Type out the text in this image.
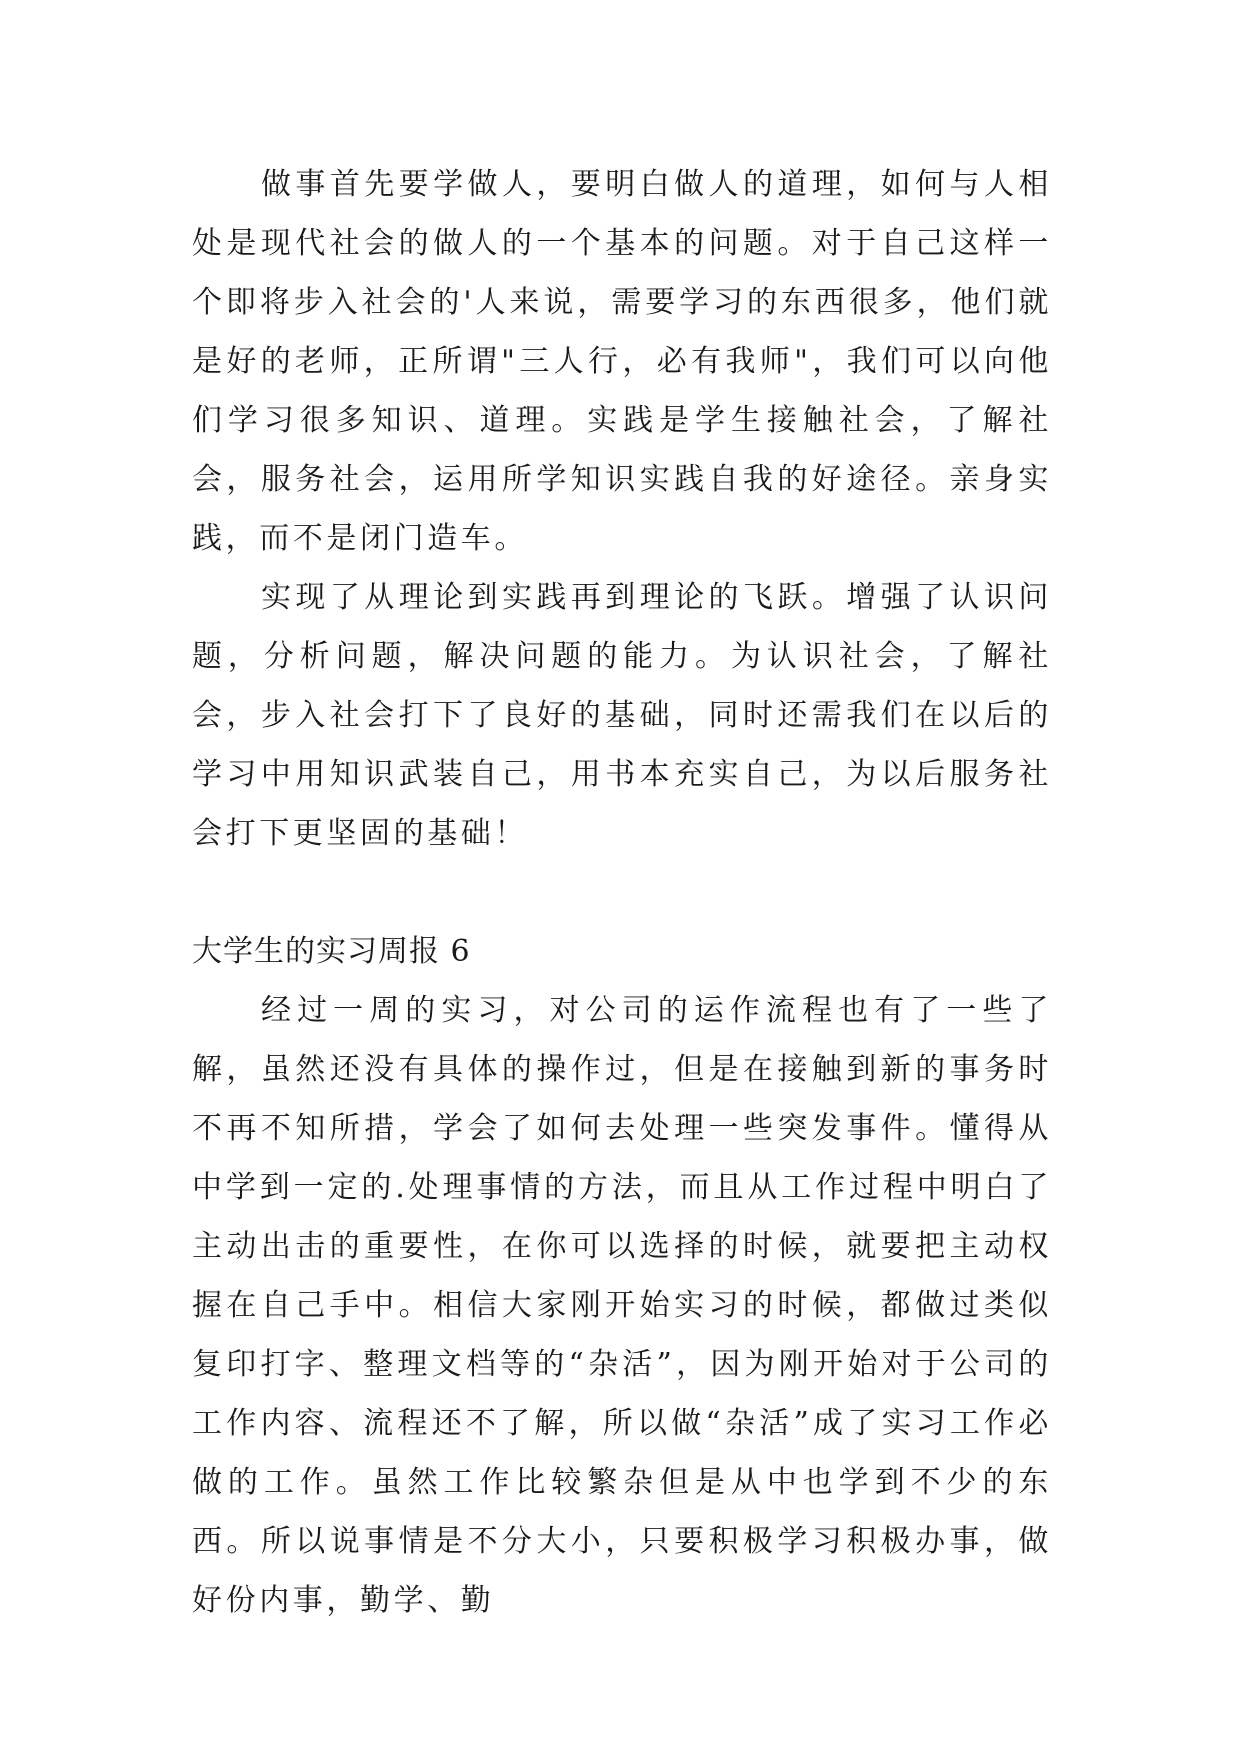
做事首先要学做人，要明白做人的道理，如何与人相处是现代社会的做人的一个基本的问题。对于自己这样一个即将步入社会的'人来说，需要学习的东西很多，他们就是好的老师，正所谓"三人行，必有我师"，我们可以向他们学习很多知识、道理。实践是学生接触社会，了解社会，服务社会，运用所学知识实践自我的好途径。亲身实践，而不是闭门造车。

实现了从理论到实践再到理论的飞跃。增强了认识问题，分析问题，解决问题的能力。为认识社会，了解社会，步入社会打下了良好的基础，同时还需我们在以后的学习中用知识武装自己，用书本充实自己，为以后服务社会打下更坚固的基础！

大学生的实习周报 6

经过一周的实习，对公司的运作流程也有了一些了解，虽然还没有具体的操作过，但是在接触到新的事务时不再不知所措，学会了如何去处理一些突发事件。懂得从中学到一定的.处理事情的方法，而且从工作过程中明白了主动出击的重要性，在你可以选择的时候，就要把主动权握在自己手中。相信大家刚开始实习的时候，都做过类似复印打字、整理文档等的“杂活”，因为刚开始对于公司的工作内容、流程还不了解，所以做“杂活”成了实习工作必做的工作。虽然工作比较繁杂但是从中也学到不少的东西。所以说事情是不分大小，只要积极学习积极办事，做好份内事，勤学、勤
